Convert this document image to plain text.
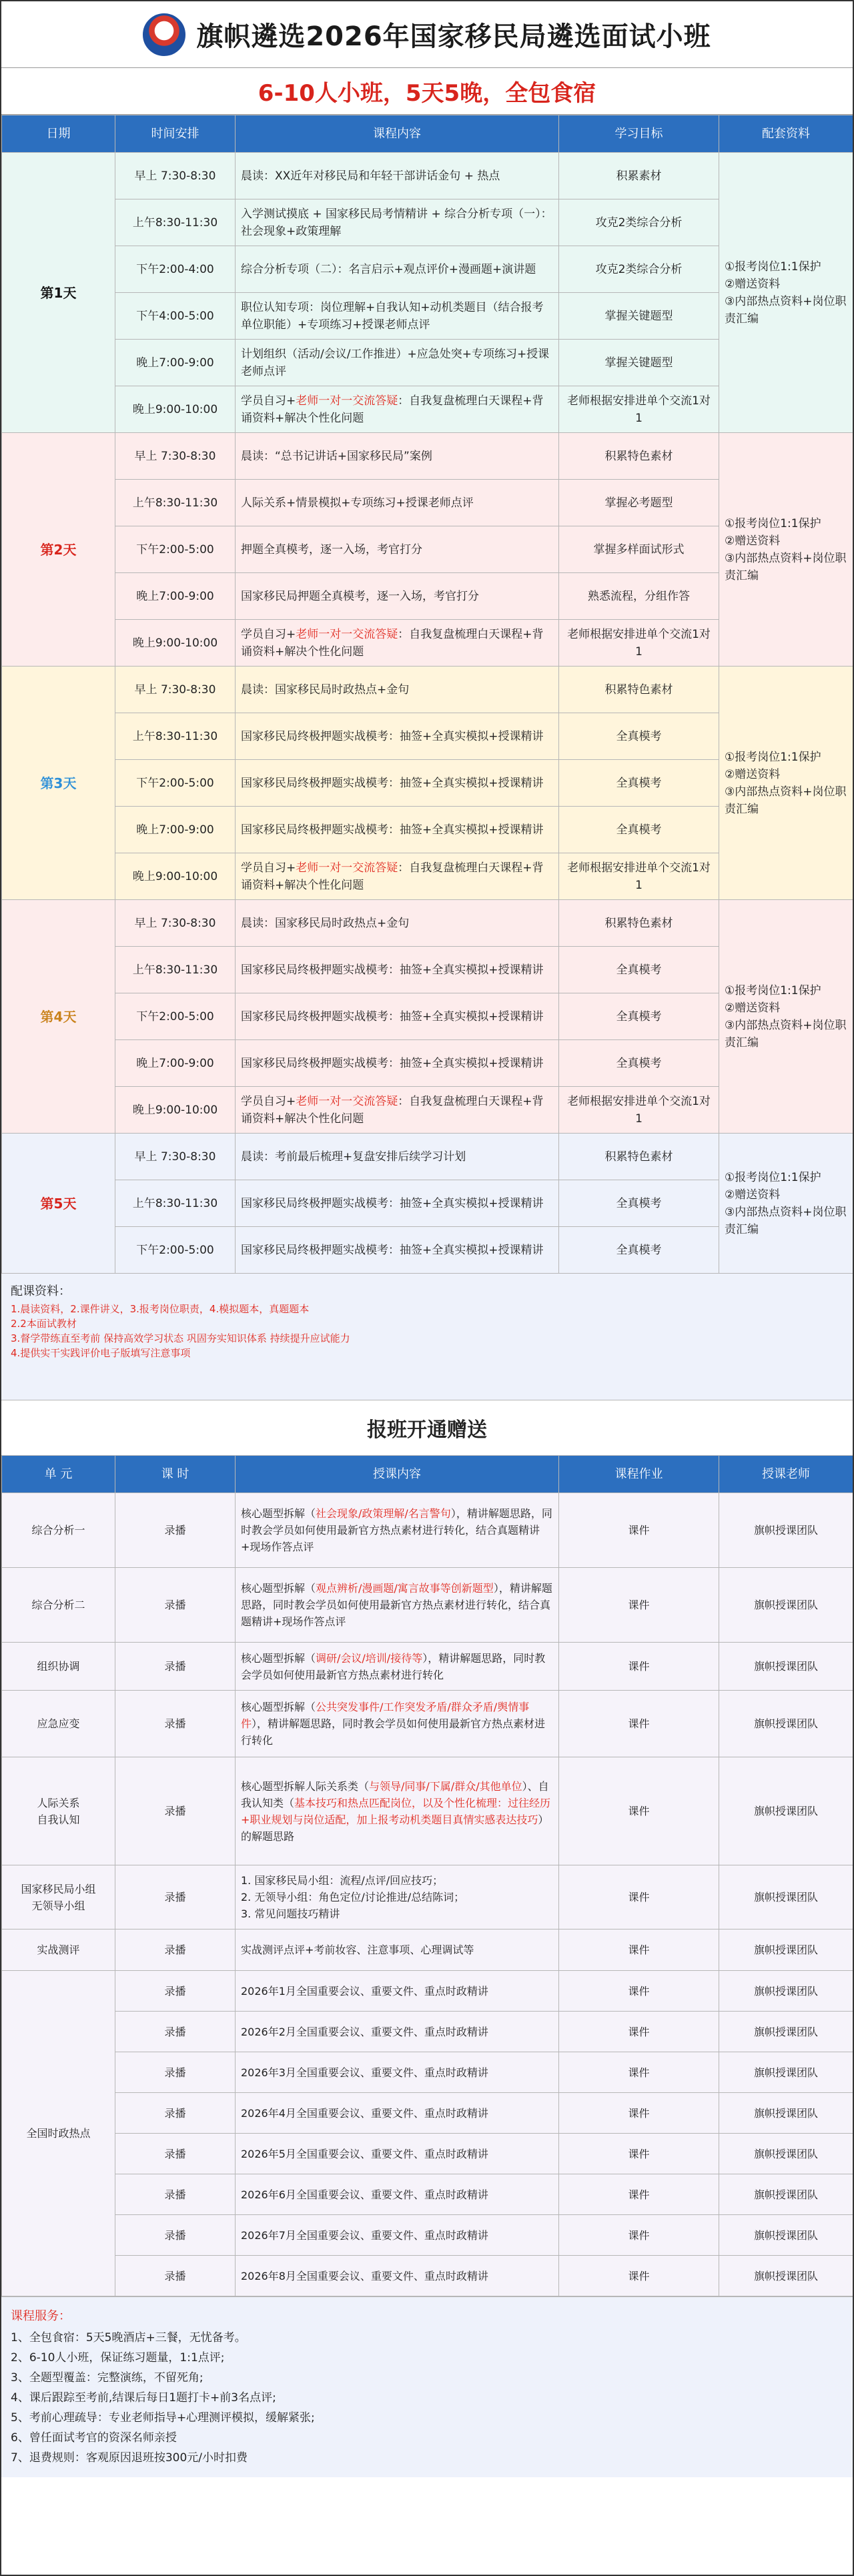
旗帜遴选2026年国家移民局遴选面试小班
6-10人小班，5天5晚，全包食宿
日期	时间安排	课程内容	学习目标	配套资料
第1天	早上 7:30-8:30	晨读：XX近年对移民局和年轻干部讲话金句 + 热点	积累素材	①报考岗位1:1保护
②赠送资料
③内部热点资料+岗位职责汇编
	上午8:30-11:30	入学测试摸底 + 国家移民局考情精讲 + 综合分析专项（一）：社会现象+政策理解	攻克2类综合分析	
	下午2:00-4:00	综合分析专项（二）：名言启示+观点评价+漫画题+演讲题	攻克2类综合分析	
	下午4:00-5:00	职位认知专项：岗位理解+自我认知+动机类题目（结合报考单位职能）+专项练习+授课老师点评	掌握关键题型	
	晚上7:00-9:00	计划组织（活动/会议/工作推进）+应急处突+专项练习+授课老师点评	掌握关键题型	
	晚上9:00-10:00	学员自习+老师一对一交流答疑：自我复盘梳理白天课程+背诵资料+解决个性化问题	老师根据安排进单个交流1对1	
第2天	早上 7:30-8:30	晨读：“总书记讲话+国家移民局”案例	积累特色素材	①报考岗位1:1保护
②赠送资料
③内部热点资料+岗位职责汇编
	上午8:30-11:30	人际关系+情景模拟+专项练习+授课老师点评	掌握必考题型	
	下午2:00-5:00	押题全真模考，逐一入场，考官打分	掌握多样面试形式	
	晚上7:00-9:00	国家移民局押题全真模考，逐一入场，考官打分	熟悉流程，分组作答	
	晚上9:00-10:00	学员自习+老师一对一交流答疑：自我复盘梳理白天课程+背诵资料+解决个性化问题	老师根据安排进单个交流1对1	
第3天	早上 7:30-8:30	晨读：国家移民局时政热点+金句	积累特色素材	①报考岗位1:1保护
②赠送资料
③内部热点资料+岗位职责汇编
	上午8:30-11:30	国家移民局终极押题实战模考：抽签+全真实模拟+授课精讲	全真模考	
	下午2:00-5:00	国家移民局终极押题实战模考：抽签+全真实模拟+授课精讲	全真模考	
	晚上7:00-9:00	国家移民局终极押题实战模考：抽签+全真实模拟+授课精讲	全真模考	
	晚上9:00-10:00	学员自习+老师一对一交流答疑：自我复盘梳理白天课程+背诵资料+解决个性化问题	老师根据安排进单个交流1对1	
第4天	早上 7:30-8:30	晨读：国家移民局时政热点+金句	积累特色素材	①报考岗位1:1保护
②赠送资料
③内部热点资料+岗位职责汇编
	上午8:30-11:30	国家移民局终极押题实战模考：抽签+全真实模拟+授课精讲	全真模考	
	下午2:00-5:00	国家移民局终极押题实战模考：抽签+全真实模拟+授课精讲	全真模考	
	晚上7:00-9:00	国家移民局终极押题实战模考：抽签+全真实模拟+授课精讲	全真模考	
	晚上9:00-10:00	学员自习+老师一对一交流答疑：自我复盘梳理白天课程+背诵资料+解决个性化问题	老师根据安排进单个交流1对1	
第5天	早上 7:30-8:30	晨读：考前最后梳理+复盘安排后续学习计划	积累特色素材	①报考岗位1:1保护
②赠送资料
③内部热点资料+岗位职责汇编
	上午8:30-11:30	国家移民局终极押题实战模考：抽签+全真实模拟+授课精讲	全真模考	
	下午2:00-5:00	国家移民局终极押题实战模考：抽签+全真实模拟+授课精讲	全真模考	
配课资料：
1.晨读资料，2.课件讲义，3.报考岗位职责，4.模拟题本，真题题本
2.2本面试教材
3.督学带练直至考前 保持高效学习状态 巩固夯实知识体系 持续提升应试能力
4.提供实干实践评价电子版填写注意事项
报班开通赠送
单 元	课 时	授课内容	课程作业	授课老师
综合分析一	录播	核心题型拆解（社会现象/政策理解/名言警句），精讲解题思路，同时教会学员如何使用最新官方热点素材进行转化，结合真题精讲+现场作答点评	课件	旗帜授课团队
综合分析二	录播	核心题型拆解（观点辨析/漫画题/寓言故事等创新题型），精讲解题思路，同时教会学员如何使用最新官方热点素材进行转化，结合真题精讲+现场作答点评	课件	旗帜授课团队
组织协调	录播	核心题型拆解（调研/会议/培训/接待等），精讲解题思路，同时教会学员如何使用最新官方热点素材进行转化	课件	旗帜授课团队
应急应变	录播	核心题型拆解（公共突发事件/工作突发矛盾/群众矛盾/舆情事件），精讲解题思路，同时教会学员如何使用最新官方热点素材进行转化	课件	旗帜授课团队
人际关系
自我认知	录播	核心题型拆解人际关系类（与领导/同事/下属/群众/其他单位）、自我认知类（基本技巧和热点匹配岗位，以及个性化梳理：过往经历+职业规划与岗位适配，加上报考动机类题目真情实感表达技巧）的解题思路	课件	旗帜授课团队
国家移民局小组
无领导小组	录播	1. 国家移民局小组：流程/点评/回应技巧；
2. 无领导小组：角色定位/讨论推进/总结陈词；
3. 常见问题技巧精讲	课件	旗帜授课团队
实战测评	录播	实战测评点评+考前妆容、注意事项、心理调试等	课件	旗帜授课团队
全国时政热点	录播	2026年1月全国重要会议、重要文件、重点时政精讲	课件	旗帜授课团队
	录播	2026年2月全国重要会议、重要文件、重点时政精讲	课件	旗帜授课团队
	录播	2026年3月全国重要会议、重要文件、重点时政精讲	课件	旗帜授课团队
	录播	2026年4月全国重要会议、重要文件、重点时政精讲	课件	旗帜授课团队
	录播	2026年5月全国重要会议、重要文件、重点时政精讲	课件	旗帜授课团队
	录播	2026年6月全国重要会议、重要文件、重点时政精讲	课件	旗帜授课团队
	录播	2026年7月全国重要会议、重要文件、重点时政精讲	课件	旗帜授课团队
	录播	2026年8月全国重要会议、重要文件、重点时政精讲	课件	旗帜授课团队
课程服务：
1、全包食宿：5天5晚酒店+三餐，无忧备考。
2、6-10人小班，保证练习题量，1:1点评;
3、全题型覆盖：完整演练，不留死角;
4、课后跟踪至考前,结课后每日1题打卡+前3名点评;
5、考前心理疏导：专业老师指导+心理测评模拟，缓解紧张;
6、曾任面试考官的资深名师亲授
7、退费规则：客观原因退班按300元/小时扣费
